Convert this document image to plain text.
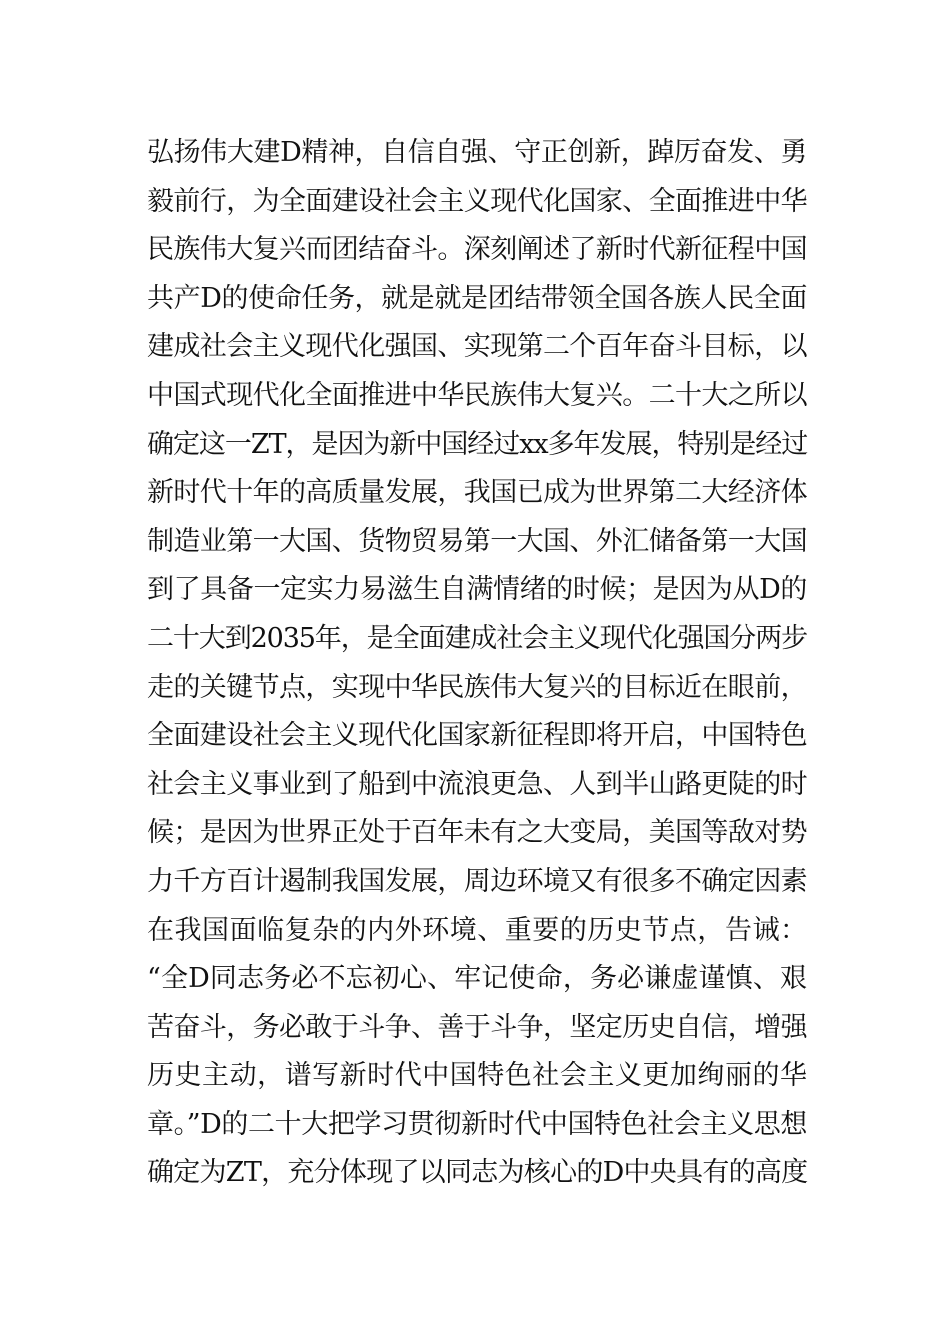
弘扬伟大建D精神，自信自强、守正创新，踔厉奋发、勇
毅前行，为全面建设社会主义现代化国家、全面推进中华
民族伟大复兴而团结奋斗。深刻阐述了新时代新征程中国
共产D的使命任务，就是就是团结带领全国各族人民全面
建成社会主义现代化强国、实现第二个百年奋斗目标，以
中国式现代化全面推进中华民族伟大复兴。二十大之所以
确定这一ZT，是因为新中国经过xx多年发展，特别是经过
新时代十年的高质量发展，我国已成为世界第二大经济体
制造业第一大国、货物贸易第一大国、外汇储备第一大国
到了具备一定实力易滋生自满情绪的时候；是因为从D的
二十大到2035年，是全面建成社会主义现代化强国分两步
走的关键节点，实现中华民族伟大复兴的目标近在眼前，
全面建设社会主义现代化国家新征程即将开启，中国特色
社会主义事业到了船到中流浪更急、人到半山路更陡的时
候；是因为世界正处于百年未有之大变局，美国等敌对势
力千方百计遏制我国发展，周边环境又有很多不确定因素
在我国面临复杂的内外环境、重要的历史节点，告诫：
“全D同志务必不忘初心、牢记使命，务必谦虚谨慎、艰
苦奋斗，务必敢于斗争、善于斗争，坚定历史自信，增强
历史主动，谱写新时代中国特色社会主义更加绚丽的华
章。”D的二十大把学习贯彻新时代中国特色社会主义思想
确定为ZT，充分体现了以同志为核心的D中央具有的高度
